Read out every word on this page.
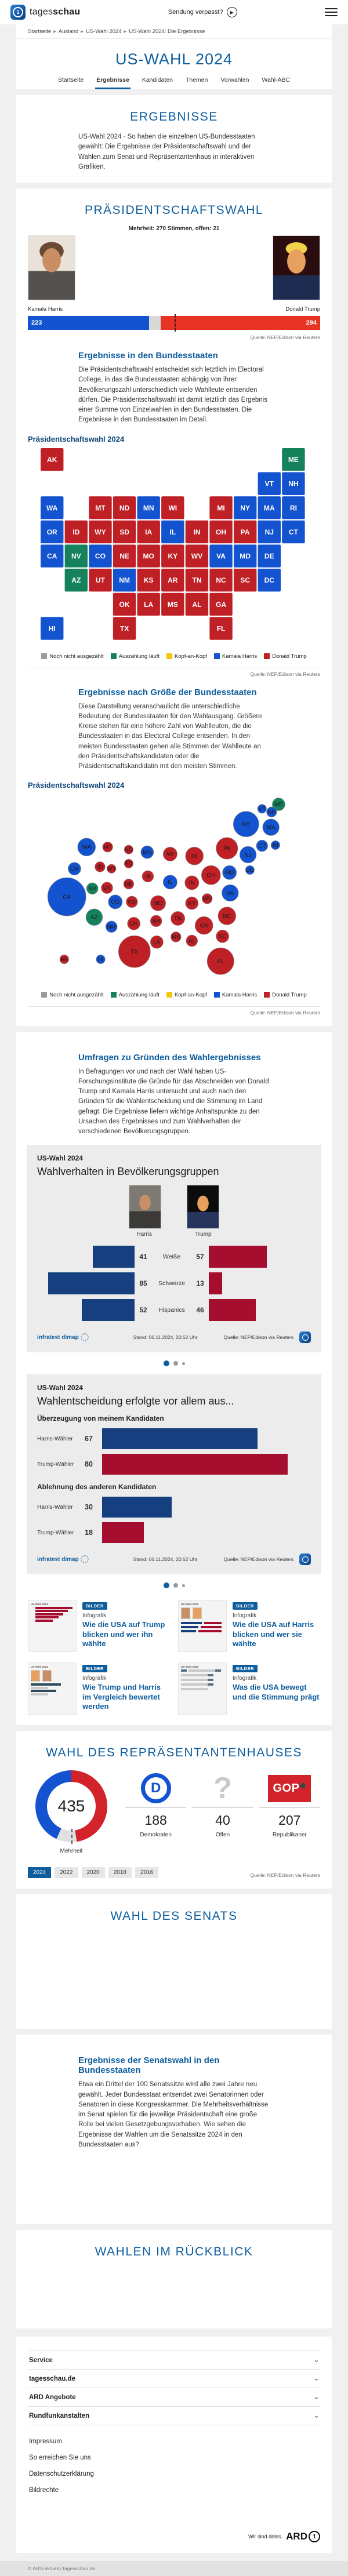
1	tagesschau	Sendung verpasst?	▶
Startseite ▸ Ausland ▸ US-Wahl 2024 ▸ US-Wahl 2024: Die Ergebnisse
US-WAHL 2024
Startseite Ergebnisse Kandidaten Themen Vorwahlen Wahl-ABC
ERGEBNISSE

US-Wahl 2024 - So haben die einzelnen US-Bundesstaaten gewählt: Die Ergebnisse der Präsidentschaftswahl und der Wahlen zum Senat und Repräsentantenhaus in interaktiven Grafiken.

PRÄSIDENTSCHAFTSWAHL
Mehrheit: 270 Stimmen, offen: 21
Kamala Harris	Donald Trump
223	294
Quelle: NEP/Edison via Reuters
Ergebnisse in den Bundesstaaten

Die Präsidentschaftswahl entscheidet sich letztlich im Electoral College, in das die Bundesstaaten abhängig von ihrer Bevölkerungszahl unterschiedlich viele Wahlleute entsenden dürfen. Die Präsidentschaftswahl ist damit letztlich das Ergebnis einer Summe von Einzelwahlen in den Bundesstaaten. Die Ergebnisse in den Bundesstaaten im Detail.

Präsidentschaftswahl 2024
AK	ME
VT NH
WA	MT ND MN WI	MI NY MA RI
OR ID WY SD IA	IL	IN OH PA NJ CT
CA NV CO NE MO KY WV VA MD DE
AZ UT NM KS AR TN NC SC DC
OK LA MS AL GA
HI	TX	FL
Noch nicht ausgezählt	Auszählung läuft	Kopf-an-Kopf	Kamala Harris	Donald Trump
Quelle: NEP/Edison via Reuters
Ergebnisse nach Größe der Bundesstaaten

Diese Darstellung veranschaulicht die unterschiedliche Bedeutung der Bundesstaaten für den Wahlausgang. Größere Kreise stehen für eine höhere Zahl von Wahlleuten, die die Bundesstaaten in das Electoral College entsenden. In den meisten Bundesstaaten gehen alle Stimmen der Wahlleute an den Präsidentschaftskandidaten oder die Präsidentschaftskandidatin mit den meisten Stimmen.

Präsidentschaftswahl 2024
ME
VT NH
NY	MA
CT RI
PA
NJ
WA MT ND MN	WI	MI
OR	ID WY
SD
MD DE
IA	OH
NE	IL	IN
NV UT
CA
VA
CO KS	MO	KY
WV
NC
AZ	TN
GA
NM	OK	AR
SC
MS
AL
LA
TX
AK	HI	FL
Noch nicht ausgezählt	Auszählung läuft	Kopf-an-Kopf	Kamala Harris	Donald Trump
Quelle: NEP/Edison via Reuters
Umfragen zu Gründen des Wahlergebnisses

In Befragungen vor und nach der Wahl haben US-Forschungsinstitute die Gründe für das Abschneiden von Donald Trump und Kamala Harris untersucht und auch nach den Gründen für die Wahlentscheidung und die Stimmung im Land gefragt. Die Ergebnisse liefern wichtige Anhaltspunkte zu den Ursachen des Ergebnisses und zum Wahlverhalten der verschiedenen Bevölkerungsgruppen.

US-Wahl 2024
Wahlverhalten in Bevölkerungsgruppen
Harris	Trump
41	Weiße	57
85	Schwarze	13
52	Hispanics	46
infratest dimap	Stand: 06.11.2024, 20:52 Uhr	Quelle: NEP/Edison via Reuters
US-Wahl 2024
Wahlentscheidung erfolgte vor allem aus...
Überzeugung von meinem Kandidaten
Harris-Wähler	67
Trump-Wähler	80
Ablehnung des anderen Kandidaten
Harris-Wähler	30
Trump-Wähler	18
infratest dimap	Stand: 06.11.2024, 20:52 Uhr	Quelle: NEP/Edison via Reuters
US-Wahl 2024	BILDER
Infografik
Wie die USA auf Trump blicken und wer ihn wählte
US-Wahl 2024	BILDER
Infografik
Wie die USA auf Harris blicken und wer sie wählte
US-Wahl 2024	BILDER
Infografik
Wie Trump und Harris im Vergleich bewertet werden
US-Wahl 2024	BILDER
Infografik
Was die USA bewegt und die Stimmung prägt
WAHL DES REPRÄSENTANTENHAUSES
435
Mehrheit
D
188
Demokraten
?
40
Offen
GOP⚫
207
Republikaner
2024	2022	2020	2018	2016	Quelle: NEP/Edison via Reuters
WAHL DES SENATS
Ergebnisse der Senatswahl in den Bundesstaaten

Etwa ein Drittel der 100 Senatssitze wird alle zwei Jahre neu gewählt. Jeder Bundesstaat entsendet zwei Senatorinnen oder Senatoren in diese Kongresskammer. Die Mehrheitsverhältnisse im Senat spielen für die jeweilige Präsidentschaft eine große Rolle bei vielen Gesetzgebungsvorhaben. Wie sehen die Ergebnisse der Wahlen um die Senatssitze 2024 in den Bundesstaaten aus?

WAHLEN IM RÜCKBLICK
Service	⌄
tagesschau.de	⌄
ARD Angebote	⌄
Rundfunkanstalten	⌄
Impressum
So erreichen Sie uns
Datenschutzerklärung
Bildrechte
Wir sind deins. ARD 1
© ARD-aktuell / tagesschau.de
